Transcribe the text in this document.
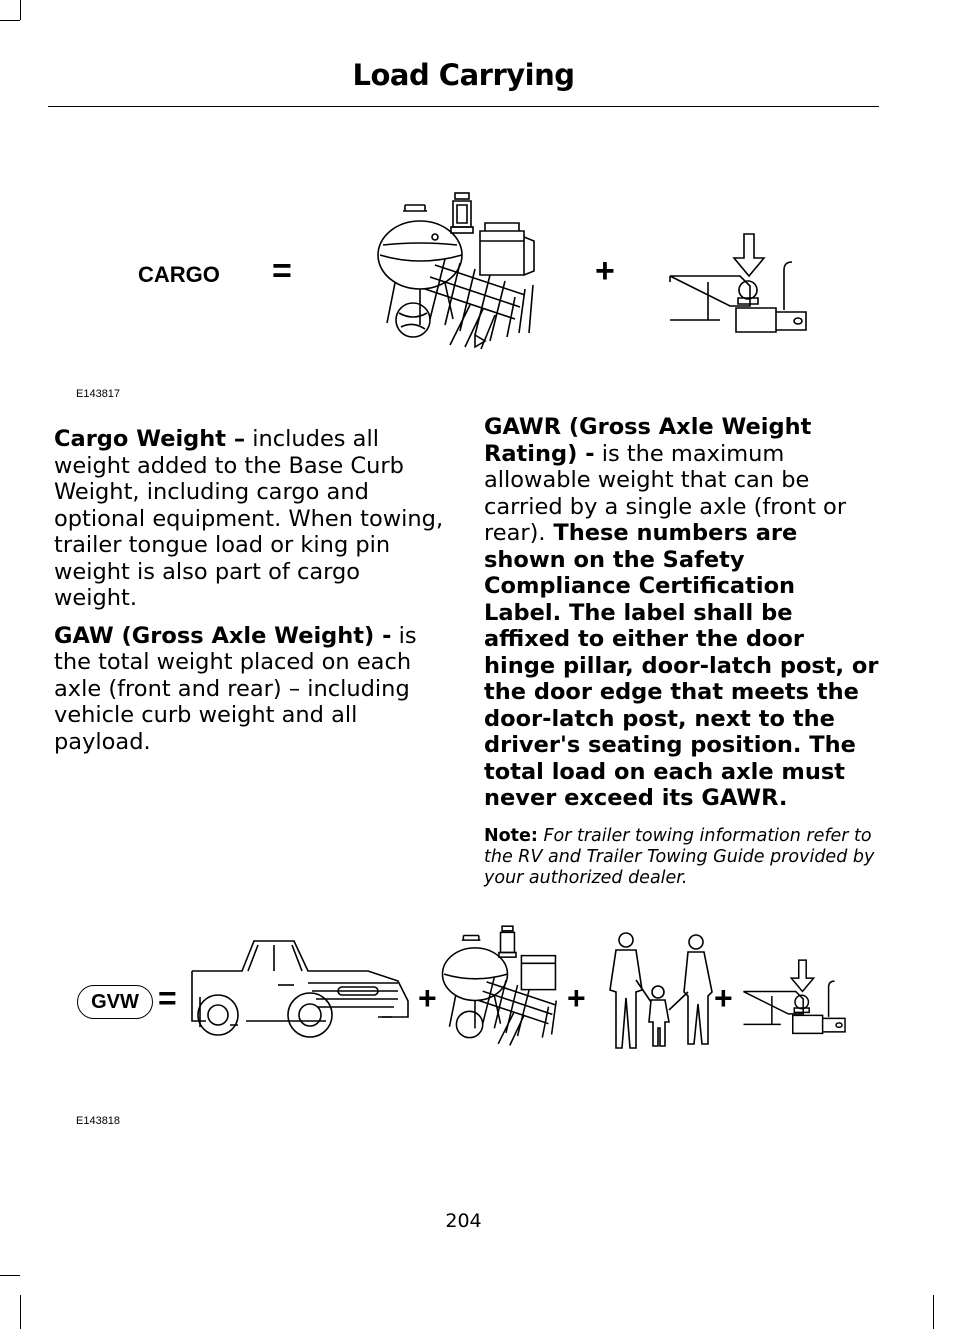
Load Carrying
CARGO =	+
E143817

Cargo Weight – includes all weight added to the Base Curb Weight, including cargo and optional equipment. When towing, trailer tongue load or king pin weight is also part of cargo weight.

GAW (Gross Axle Weight) - is the total weight placed on each axle (front and rear) – including vehicle curb weight and all payload.

GAWR (Gross Axle Weight Rating) - is the maximum allowable weight that can be carried by a single axle (front or rear). These numbers are shown on the Safety Compliance Certification Label. The label shall be affixed to either the door hinge pillar, door-latch post, or the door edge that meets the door-latch post, next to the driver's seating position. The total load on each axle must never exceed its GAWR.

Note: For trailer towing information refer to the RV and Trailer Towing Guide provided by your authorized dealer.

GVW =	+	+	+
E143818
204
